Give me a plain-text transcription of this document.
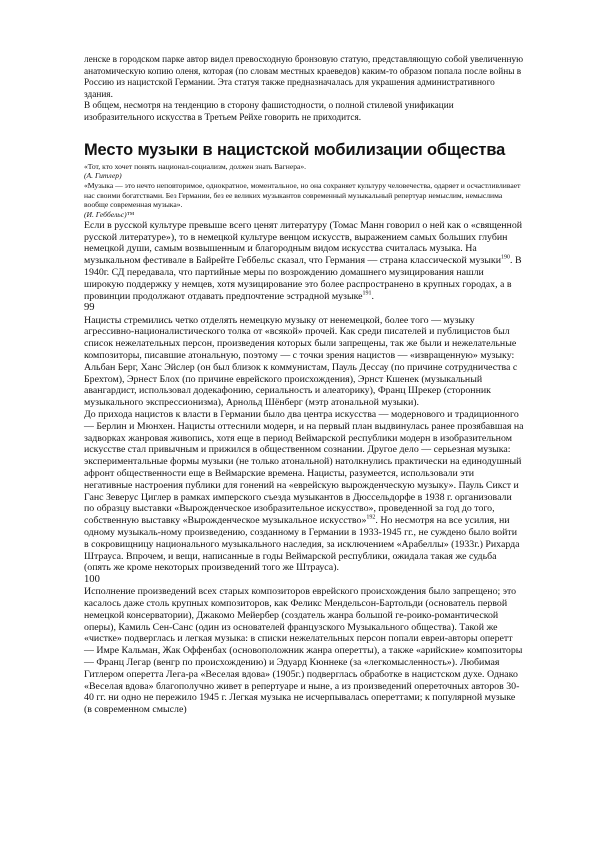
ленске в городском парке автор видел превосходную бронзовую статую, представляющую собой увеличенную анатомическую копию оленя, которая (по словам местных краеведов) каким-то образом попала после войны в Россию из нацистской Германии. Эта статуя также предназначалась для украшения административного здания.

В общем, несмотря на тенденцию в сторону фашистодности, о полной стилевой унификации изобразительного искусства в Третьем Рейхе говорить не приходится.

Место музыки в нацистской мобилизации общества

«Тот, кто хочет понять национал-социализм, должен знать Вагнера».

(А. Гитлер)

«Музыка — это нечто неповторимое, однократное, моментальное, но она сохраняет культуру человечества, одаряет и осчастливливает нас своими богатствами. Без Германии, без ее великих музыкантов современный музыкальный репертуар немыслим, немыслима вообще современная музыка».

(И. Геббельс)™

Если в русской культуре превыше всего ценят литературу (Томас Манн говорил о ней как о «священной русской литературе»), то в немецкой культуре венцом искусств, выражением самых больших глубин немецкой души, самым возвышенным и благородным видом искусства считалась музыка. На музыкальном фестивале в Байрейте Геббельс сказал, что Германия — страна классической музыки$^{190}$. В 1940г. СД передавала, что партийные меры по возрождению домашнего музицирования нашли широкую поддержку у немцев, хотя музицирование это более распространено в крупных городах, а в провинции продолжают отдавать предпочтение эстрадной музыке$^{191}$.

99

Нацисты стремились четко отделять немецкую музыку от ненемецкой, более того — музыку агрессивно-националистического толка от «всякой» прочей. Как среди писателей и публицистов был список нежелательных персон, произведения которых были запрещены, так же были и нежелательные композиторы, писавшие атональную, поэтому — с точки зрения нацистов — «извращенную» музыку: Альбан Берг, Ханс Эйслер (он был близок к коммунистам, Пауль Дессау (по причине сотрудничества с Брехтом), Эрнест Блох (по причине еврейского происхождения), Эрнст Кшенек (музыкальный авангардист, использовал додекафонию, сериальность и алеаторику), Франц Шрекер (сторонник музыкального экспрессионизма), Арнольд Шёнберг (мэтр атональной музыки).

До прихода нацистов к власти в Германии было два центра искусства — модернового и традиционного — Берлин и Мюнхен. Нацисты оттеснили модерн, и на первый план выдвинулась ранее прозябавшая на задворках жанровая живопись, хотя еще в период Веймарской республики модерн в изобразительном искусстве стал привычным и прижился в общественном сознании. Другое дело — серьезная музыка: экспериментальные формы музыки (не только атональной) натолкнулись практически на единодушный афронт общественности еще в Веймарские времена. Нацисты, разумеется, использовали эти негативные настроения публики для гонений на «еврейскую вырожденческую музыку». Пауль Сикст и Ганс Зеверус Циглер в рамках имперского съезда музыкантов в Дюссельдорфе в 1938 г. организовали по образцу выставки «Вырожденческое изобразительное искусство», проведенной за год до того, собственную выставку «Вырожденческое музыкальное искусство»$^{192}$. Но несмотря на все усилия, ни одному музыкаль-ному произведению, созданному в Германии в 1933-1945 гг., не суждено было войти в сокровищницу национального музыкального наследия, за исключением «Арабеллы» (1933г.) Рихарда Штрауса. Впрочем, и вещи, написанные в годы Веймарской республики, ожидала такая же судьба (опять же кроме некоторых произведений того же Штрауса).

100

Исполнение произведений всех старых композиторов еврейского происхождения было запрещено; это касалось даже столь крупных композиторов, как Феликс Мендельсон-Бартольди (основатель первой немецкой консерватории), Джакомо Мейербер (создатель жанра большой ге-роико-романтической оперы), Камиль Сен-Санс (один из основателей французского Музыкального общества). Такой же «чистке» подверглась и легкая музыка: в списки нежелательных персон попали евреи-авторы оперетт — Имре Кальман, Жак Оффенбах (основоположник жанра оперетты), а также «арийские» композиторы — Франц Легар (венгр по происхождению) и Эдуард Кюннеке (за «легкомысленность»). Любимая Гитлером оперетта Лега-ра «Веселая вдова» (1905г.) подверглась обработке в нацистском духе. Однако «Веселая вдова» благополучно живет в репертуаре и ныне, а из произведений опереточных авторов 30-40 гг. ни одно не пережило 1945 г. Легкая музыка не исчерпывалась опереттами; к популярной музыке (в современном смысле)
